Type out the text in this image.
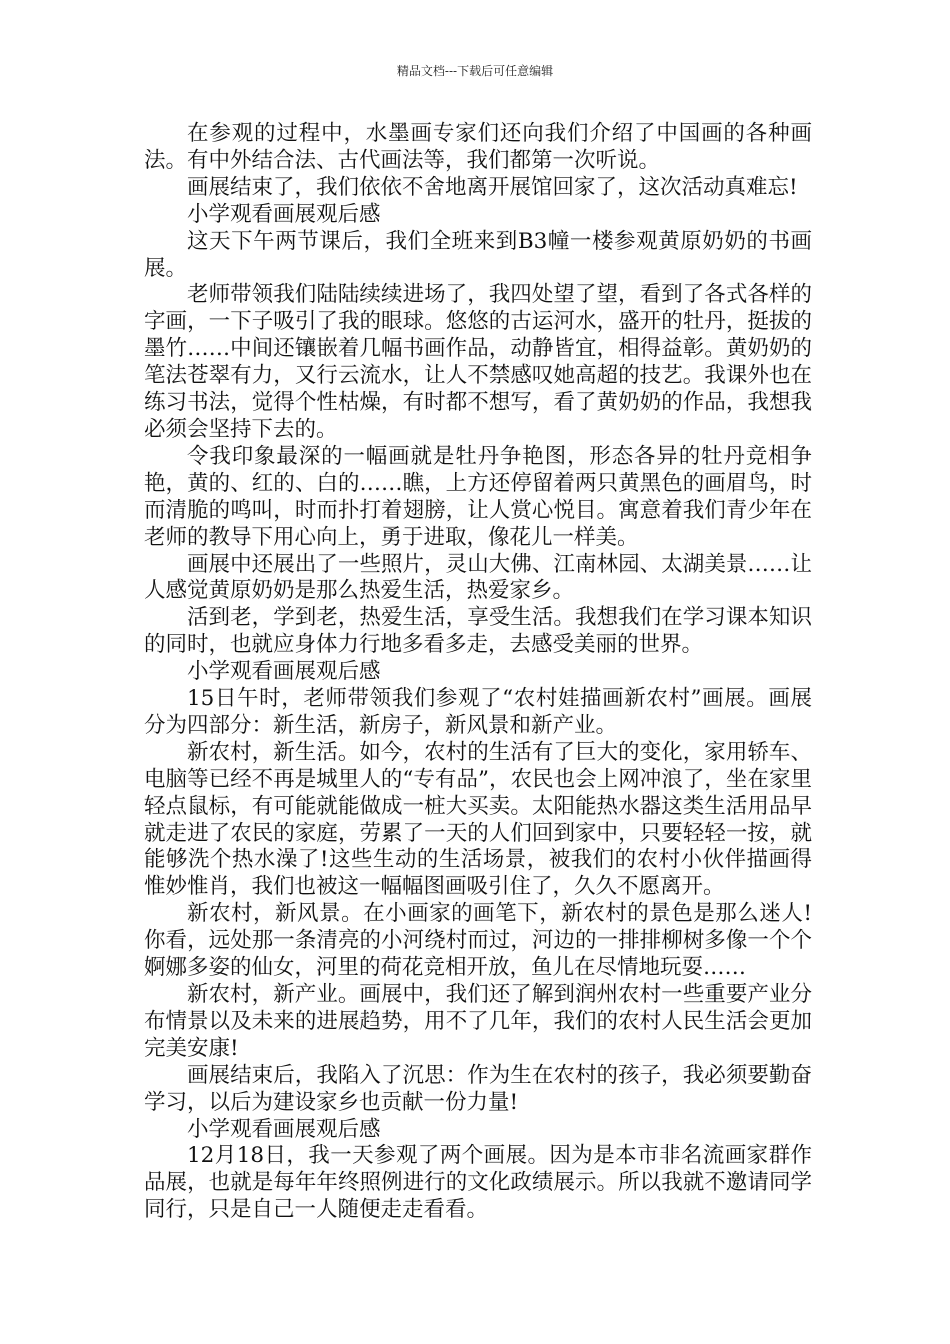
精品文档---下载后可任意编辑

在参观的过程中，水墨画专家们还向我们介绍了中国画的各种画法。有中外结合法、古代画法等，我们都第一次听说。

画展结束了，我们依依不舍地离开展馆回家了，这次活动真难忘!

小学观看画展观后感

这天下午两节课后，我们全班来到B3幢一楼参观黄原奶奶的书画展。

老师带领我们陆陆续续进场了，我四处望了望，看到了各式各样的字画，一下子吸引了我的眼球。悠悠的古运河水，盛开的牡丹，挺拔的墨竹……中间还镶嵌着几幅书画作品，动静皆宜，相得益彰。黄奶奶的笔法苍翠有力，又行云流水，让人不禁感叹她高超的技艺。我课外也在练习书法，觉得个性枯燥，有时都不想写，看了黄奶奶的作品，我想我必须会坚持下去的。

令我印象最深的一幅画就是牡丹争艳图，形态各异的牡丹竞相争艳，黄的、红的、白的……瞧，上方还停留着两只黄黑色的画眉鸟，时而清脆的鸣叫，时而扑打着翅膀，让人赏心悦目。寓意着我们青少年在老师的教导下用心向上，勇于进取，像花儿一样美。

画展中还展出了一些照片，灵山大佛、江南林园、太湖美景……让人感觉黄原奶奶是那么热爱生活，热爱家乡。

活到老，学到老，热爱生活，享受生活。我想我们在学习课本知识的同时，也就应身体力行地多看多走，去感受美丽的世界。

小学观看画展观后感

15日午时，老师带领我们参观了“农村娃描画新农村”画展。画展分为四部分：新生活，新房子，新风景和新产业。

新农村，新生活。如今，农村的生活有了巨大的变化，家用轿车、电脑等已经不再是城里人的“专有品”，农民也会上网冲浪了，坐在家里轻点鼠标，有可能就能做成一桩大买卖。太阳能热水器这类生活用品早就走进了农民的家庭，劳累了一天的人们回到家中，只要轻轻一按，就能够洗个热水澡了!这些生动的生活场景，被我们的农村小伙伴描画得惟妙惟肖，我们也被这一幅幅图画吸引住了，久久不愿离开。

新农村，新风景。在小画家的画笔下，新农村的景色是那么迷人!你看，远处那一条清亮的小河绕村而过，河边的一排排柳树多像一个个婀娜多姿的仙女，河里的荷花竞相开放，鱼儿在尽情地玩耍……

新农村，新产业。画展中，我们还了解到润州农村一些重要产业分布情景以及未来的进展趋势，用不了几年，我们的农村人民生活会更加完美安康!

画展结束后，我陷入了沉思：作为生在农村的孩子，我必须要勤奋学习，以后为建设家乡也贡献一份力量!

小学观看画展观后感

12月18日，我一天参观了两个画展。因为是本市非名流画家群作品展，也就是每年年终照例进行的文化政绩展示。所以我就不邀请同学同行，只是自己一人随便走走看看。
